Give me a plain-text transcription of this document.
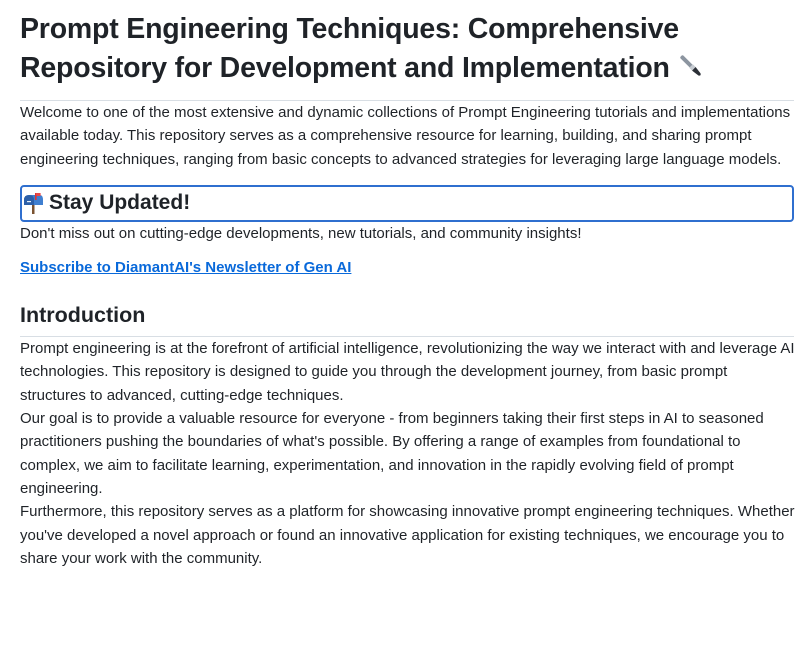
Prompt Engineering Techniques: Comprehensive Repository for Development and Implementation

Welcome to one of the most extensive and dynamic collections of Prompt Engineering tutorials and implementations available today. This repository serves as a comprehensive resource for learning, building, and sharing prompt engineering techniques, ranging from basic concepts to advanced strategies for leveraging large language models.

Stay Updated!

Don't miss out on cutting-edge developments, new tutorials, and community insights!

Subscribe to DiamantAI's Newsletter of Gen AI
Introduction

Prompt engineering is at the forefront of artificial intelligence, revolutionizing the way we interact with and leverage AI technologies. This repository is designed to guide you through the development journey, from basic prompt structures to advanced, cutting-edge techniques.

Our goal is to provide a valuable resource for everyone - from beginners taking their first steps in AI to seasoned practitioners pushing the boundaries of what's possible. By offering a range of examples from foundational to complex, we aim to facilitate learning, experimentation, and innovation in the rapidly evolving field of prompt engineering.

Furthermore, this repository serves as a platform for showcasing innovative prompt engineering techniques. Whether you've developed a novel approach or found an innovative application for existing techniques, we encourage you to share your work with the community.
